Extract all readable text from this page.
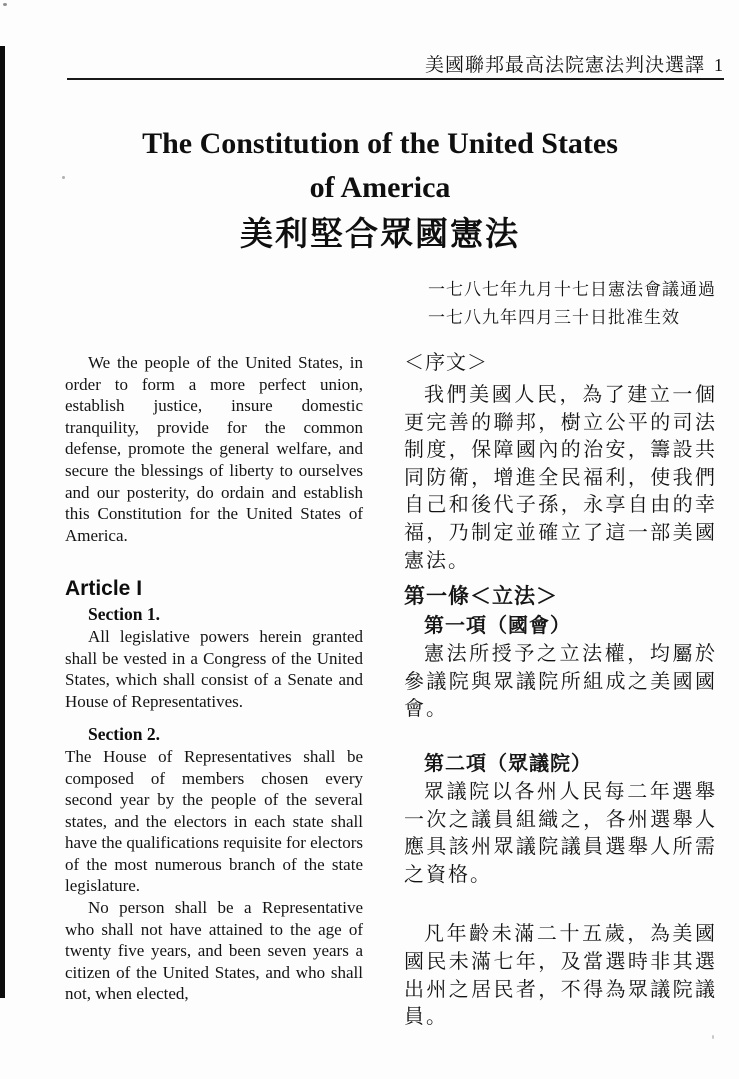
美國聯邦最高法院憲法判決選譯 1
The Constitution of the United States
of America
美利堅合眾國憲法
一七八七年九月十七日憲法會議通過
一七八九年四月三十日批准生效

We the people of the United States, in order to form a more perfect union, establish justice, insure domestic tranquility, provide for the common defense, promote the general welfare, and secure the blessings of liberty to ourselves and our posterity, do ordain and establish this Constitution for the United States of America.

Article I
Section 1.

All legislative powers herein granted shall be vested in a Congress of the United States, which shall consist of a Senate and House of Representatives.

Section 2.

The House of Representatives shall be composed of members chosen every second year by the people of the several states, and the electors in each state shall have the qualifications requisite for electors of the most numerous branch of the state legislature.

No person shall be a Representative who shall not have attained to the age of twenty five years, and been seven years a citizen of the United States, and who shall not, when elected,

＜序文＞

我們美國人民，為了建立一個更完善的聯邦，樹立公平的司法制度，保障國內的治安，籌設共同防衛，增進全民福利，使我們自己和後代子孫，永享自由的幸福，乃制定並確立了這一部美國憲法。

第一條＜立法＞
第一項（國會）

憲法所授予之立法權，均屬於參議院與眾議院所組成之美國國會。

第二項（眾議院）

眾議院以各州人民每二年選舉一次之議員組織之，各州選舉人應具該州眾議院議員選舉人所需之資格。

凡年齡未滿二十五歲，為美國國民未滿七年，及當選時非其選出州之居民者，不得為眾議院議員。
